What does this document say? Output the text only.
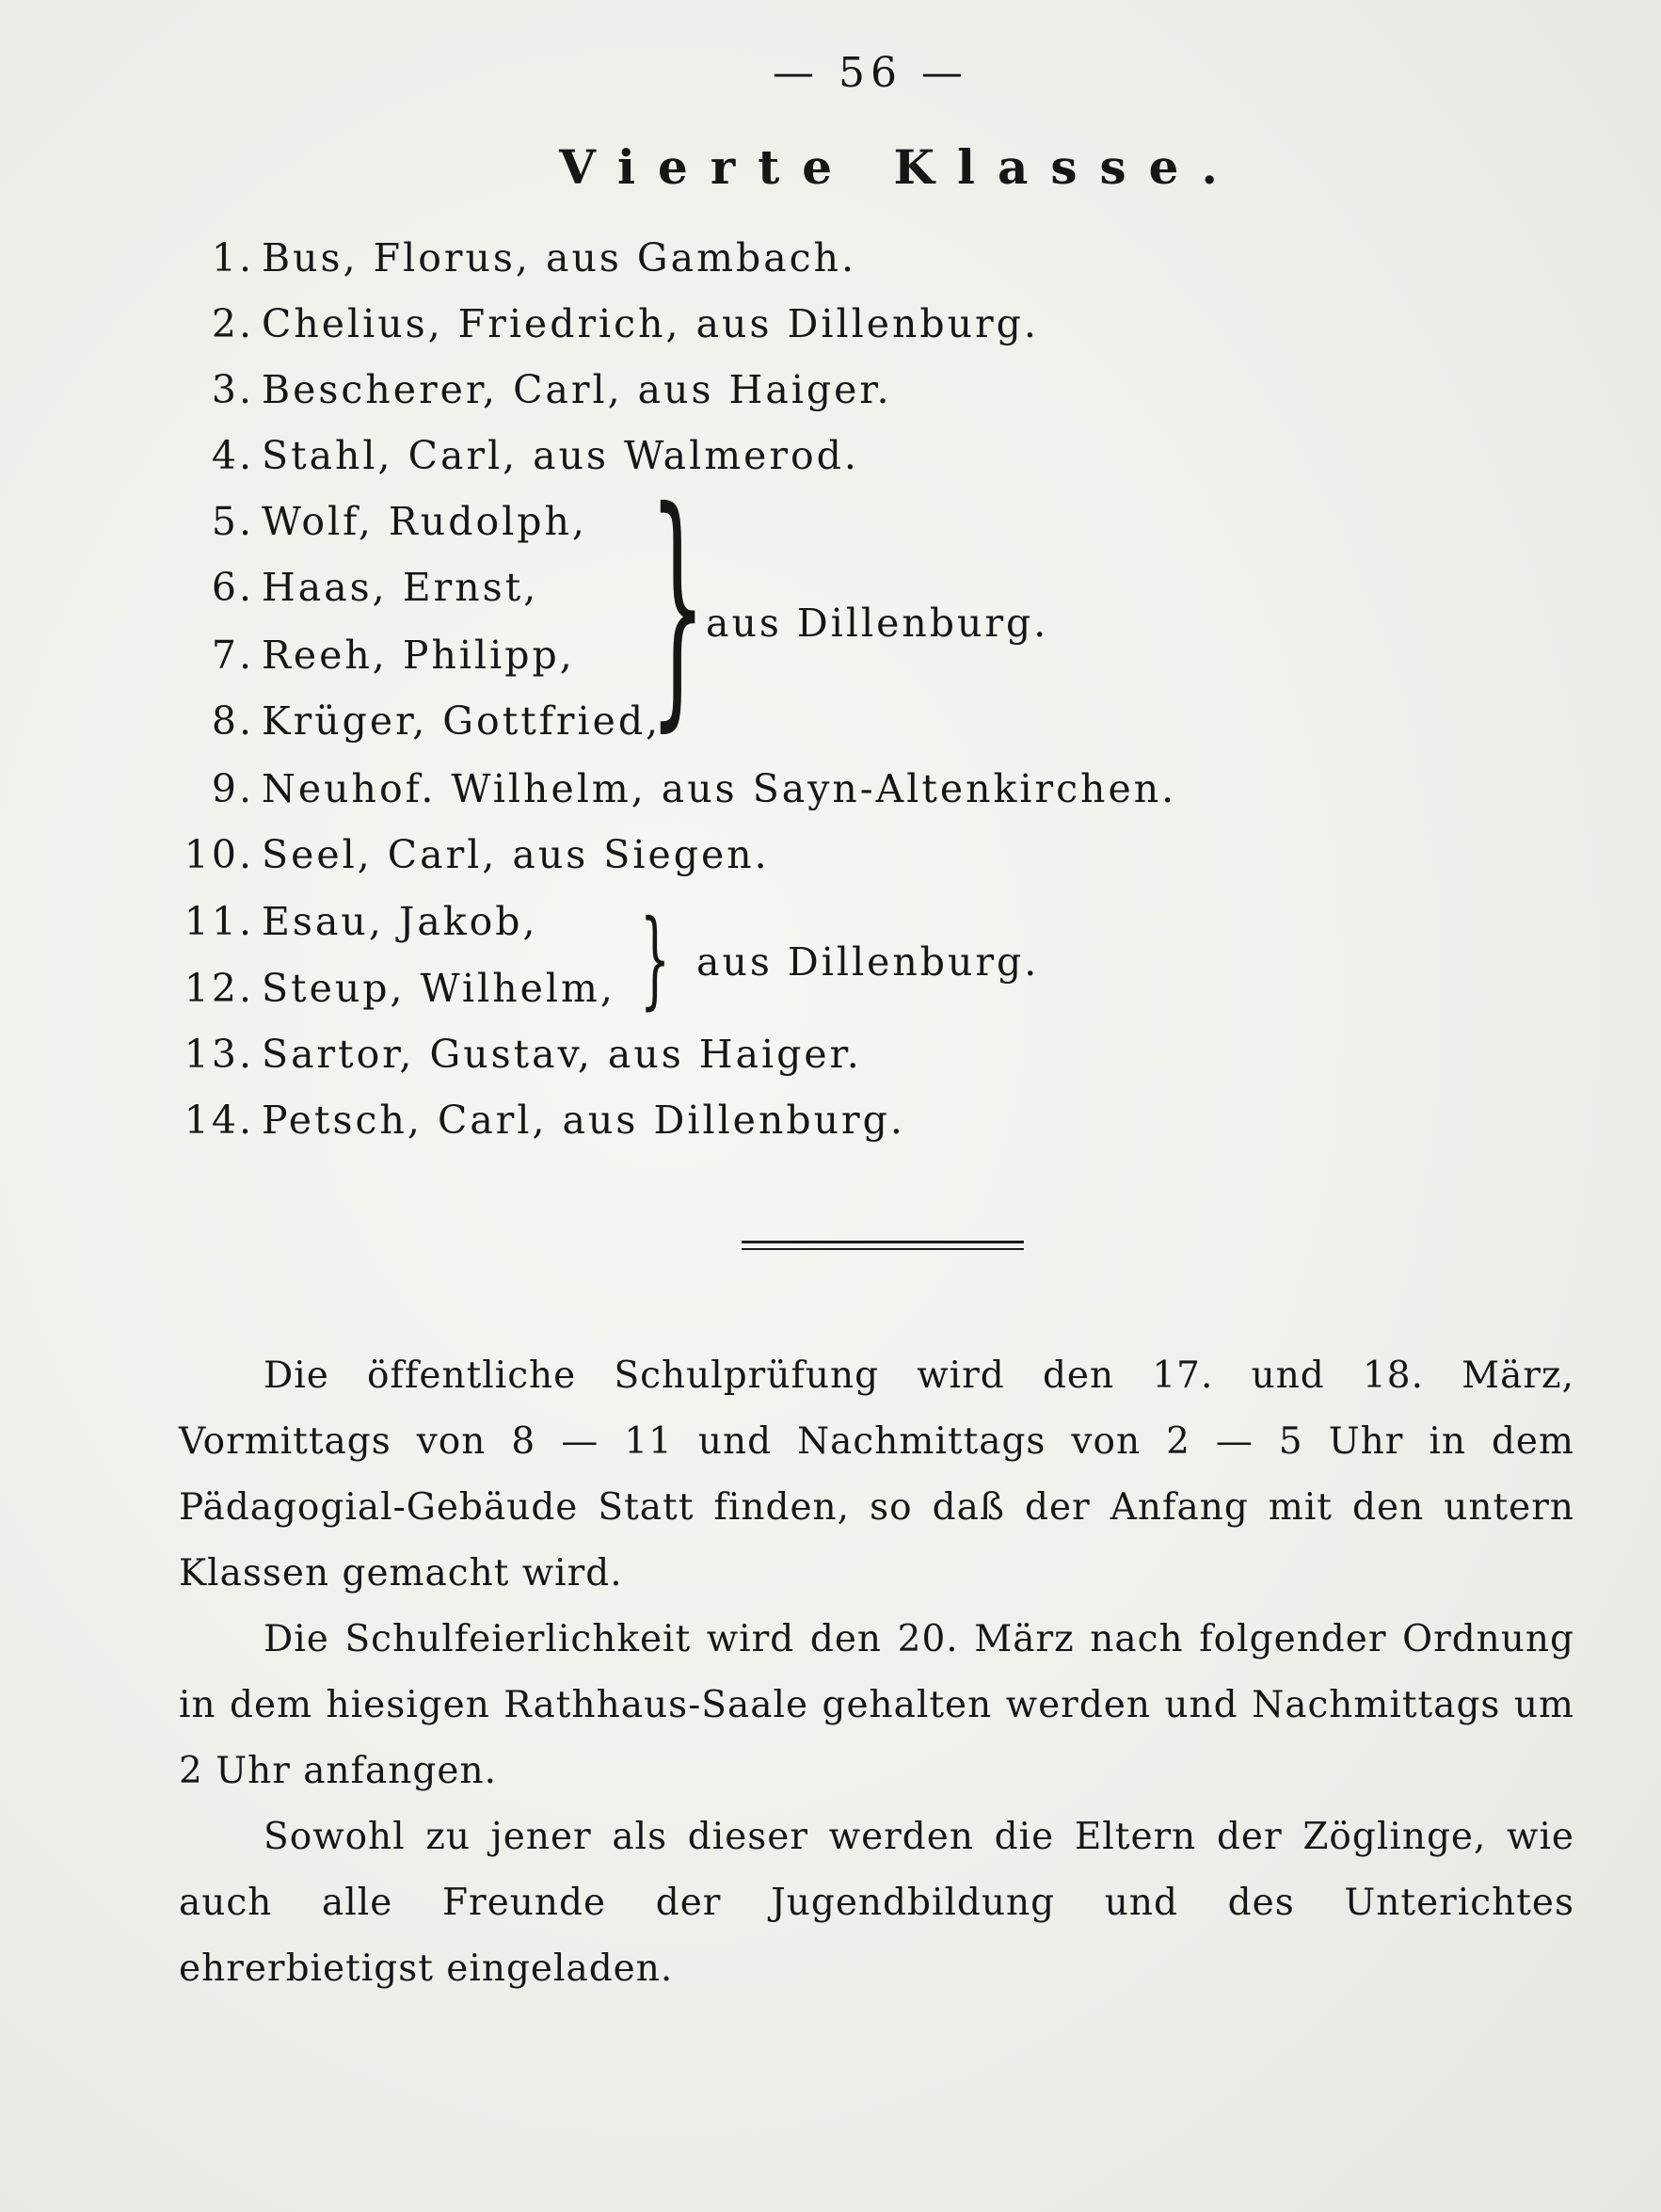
— 56 —
Vierte Klasse.
1. Bus, Florus, aus Gambach.
2. Chelius, Friedrich, aus Dillenburg.
3. Bescherer, Carl, aus Haiger.
4. Stahl, Carl, aus Walmerod.
5. Wolf, Rudolph,
6. Haas, Ernst,
7. Reeh, Philipp,
8. Krüger, Gottfried,
9. Neuhof. Wilhelm, aus Sayn-Altenkirchen.
10. Seel, Carl, aus Siegen.
11. Esau, Jakob,
12. Steup, Wilhelm,
13. Sartor, Gustav, aus Haiger.
14. Petsch, Carl, aus Dillenburg.
} aus Dillenburg.
} aus Dillenburg.

Die öffentliche Schulprüfung wird den 17. und 18. März, Vormittags von 8 — 11 und Nachmittags von 2 — 5 Uhr in dem Pädagogial-Gebäude Statt finden, so daß der Anfang mit den untern Klassen gemacht wird.

Die Schulfeierlichkeit wird den 20. März nach folgender Ordnung in dem hiesigen Rathhaus-Saale gehalten werden und Nachmittags um 2 Uhr anfangen.

Sowohl zu jener als dieser werden die Eltern der Zöglinge, wie auch alle Freunde der Jugendbildung und des Unterichtes ehrerbietigst eingeladen.
